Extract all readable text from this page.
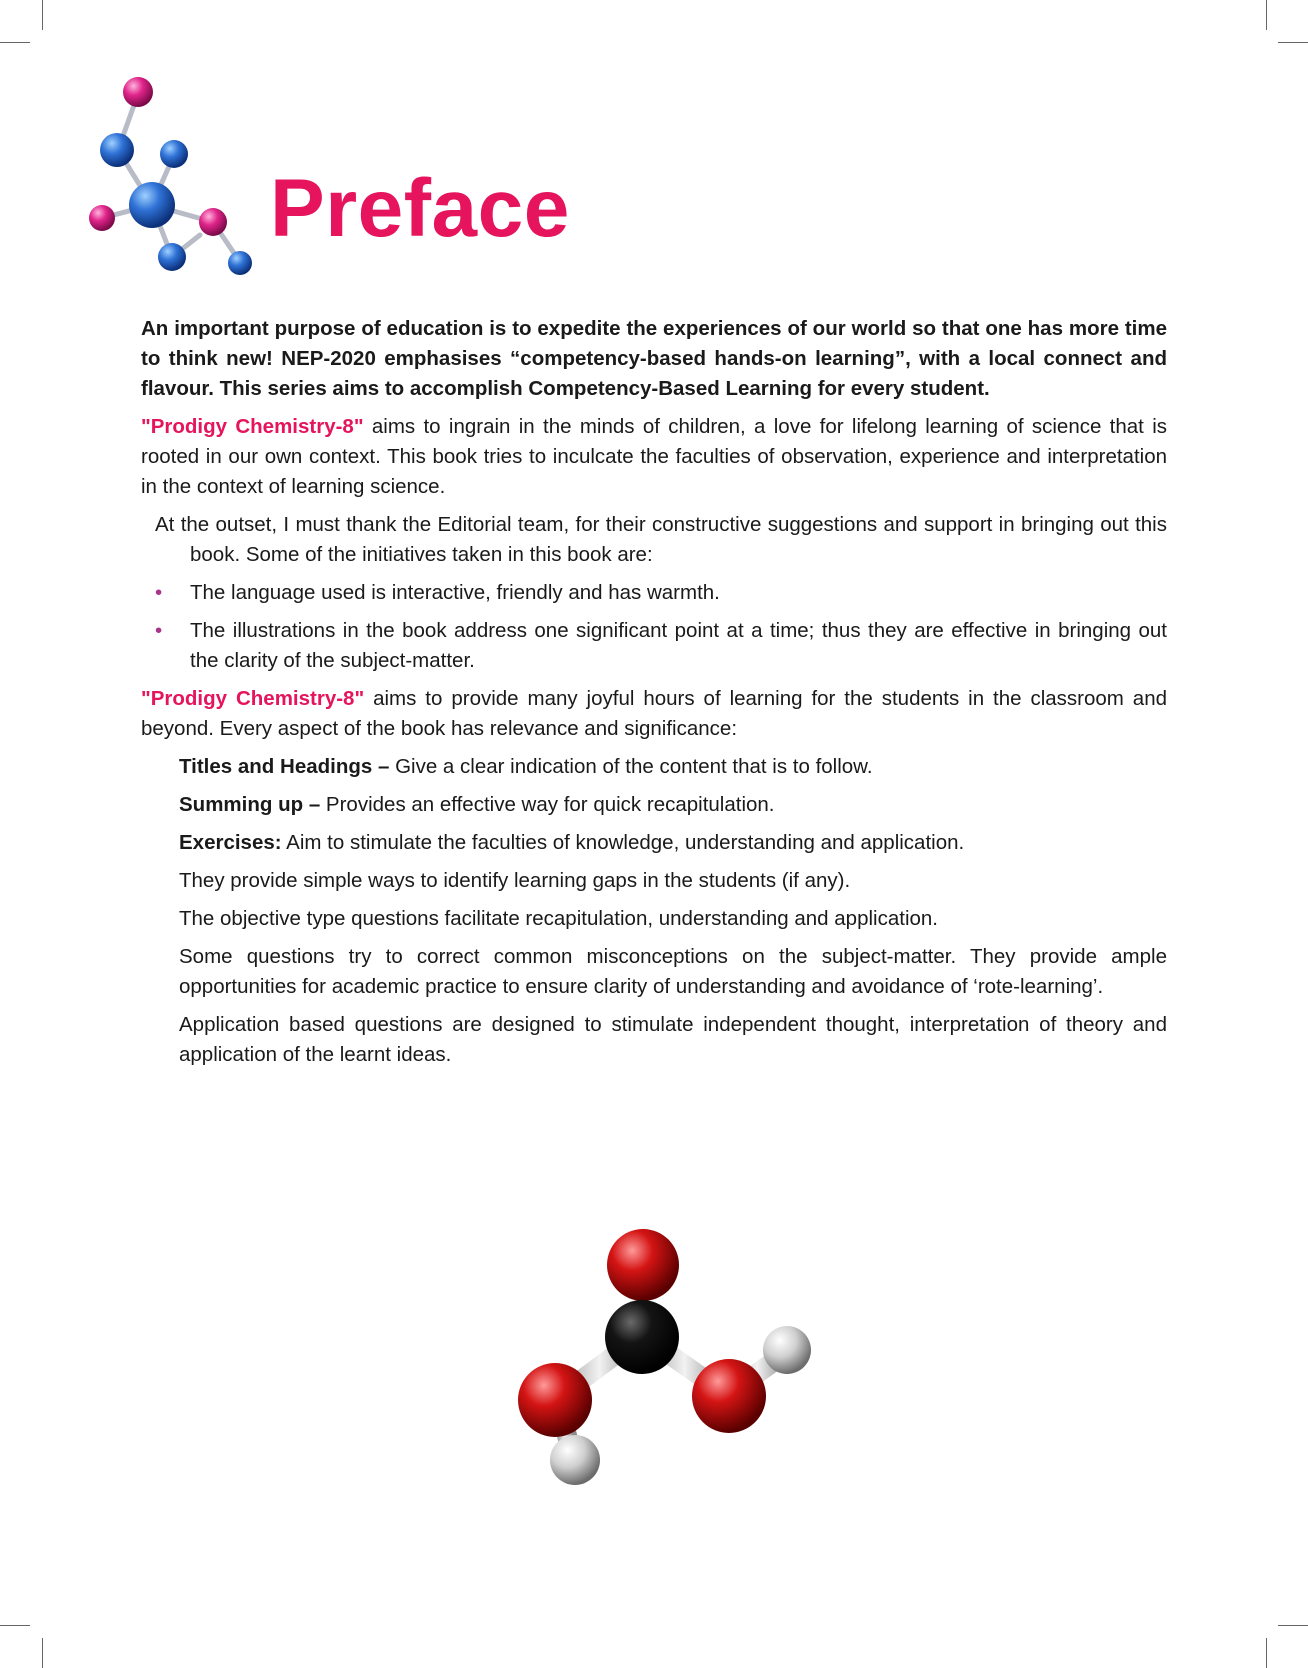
Preface

An important purpose of education is to expedite the experiences of our world so that one has more time to think new! NEP-2020 emphasises “competency-based hands-on learning”, with a local connect and flavour. This series aims to accomplish Competency-Based Learning for every student.

"Prodigy Chemistry-8" aims to ingrain in the minds of children, a love for lifelong learning of science that is rooted in our own context. This book tries to inculcate the faculties of observation, experience and interpretation in the context of learning science.

At the outset, I must thank the Editorial team, for their constructive suggestions and support in bringing out this book. Some of the initiatives taken in this book are:

• The language used is interactive, friendly and has warmth.
• The illustrations in the book address one significant point at a time; thus they are effective in bringing out the clarity of the subject-matter.

"Prodigy Chemistry-8" aims to provide many joyful hours of learning for the students in the classroom and beyond. Every aspect of the book has relevance and significance:

Titles and Headings – Give a clear indication of the content that is to follow.

Summing up – Provides an effective way for quick recapitulation.

Exercises: Aim to stimulate the faculties of knowledge, understanding and application.

They provide simple ways to identify learning gaps in the students (if any).

The objective type questions facilitate recapitulation, understanding and application.

Some questions try to correct common misconceptions on the subject-matter. They provide ample opportunities for academic practice to ensure clarity of understanding and avoidance of ‘rote-learning’.

Application based questions are designed to stimulate independent thought, interpretation of theory and application of the learnt ideas.
